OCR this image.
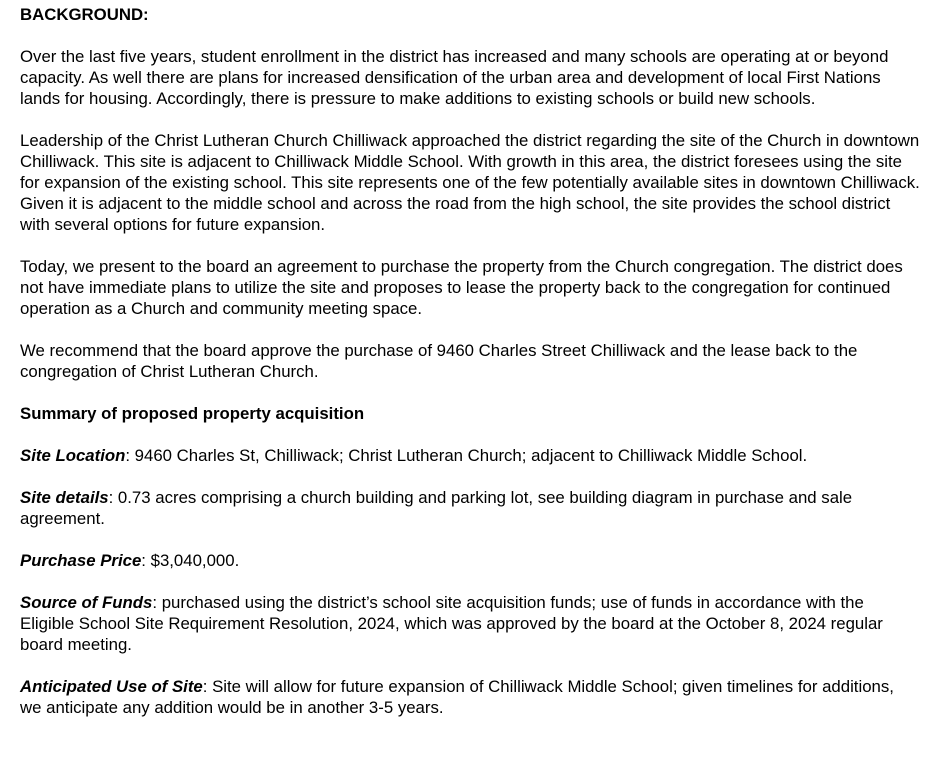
BACKGROUND:

Over the last five years, student enrollment in the district has increased and many schools are operating at or beyond capacity. As well there are plans for increased densification of the urban area and development of local First Nations lands for housing. Accordingly, there is pressure to make additions to existing schools or build new schools.

Leadership of the Christ Lutheran Church Chilliwack approached the district regarding the site of the Church in downtown Chilliwack. This site is adjacent to Chilliwack Middle School. With growth in this area, the district foresees using the site for expansion of the existing school. This site represents one of the few potentially available sites in downtown Chilliwack. Given it is adjacent to the middle school and across the road from the high school, the site provides the school district with several options for future expansion.

Today, we present to the board an agreement to purchase the property from the Church congregation. The district does not have immediate plans to utilize the site and proposes to lease the property back to the congregation for continued operation as a Church and community meeting space.

We recommend that the board approve the purchase of 9460 Charles Street Chilliwack and the lease back to the congregation of Christ Lutheran Church.

Summary of proposed property acquisition

Site Location: 9460 Charles St, Chilliwack; Christ Lutheran Church; adjacent to Chilliwack Middle School.

Site details: 0.73 acres comprising a church building and parking lot, see building diagram in purchase and sale agreement.

Purchase Price: $3,040,000.

Source of Funds: purchased using the district’s school site acquisition funds; use of funds in accordance with the Eligible School Site Requirement Resolution, 2024, which was approved by the board at the October 8, 2024 regular board meeting.

Anticipated Use of Site: Site will allow for future expansion of Chilliwack Middle School; given timelines for additions, we anticipate any addition would be in another 3-5 years.
